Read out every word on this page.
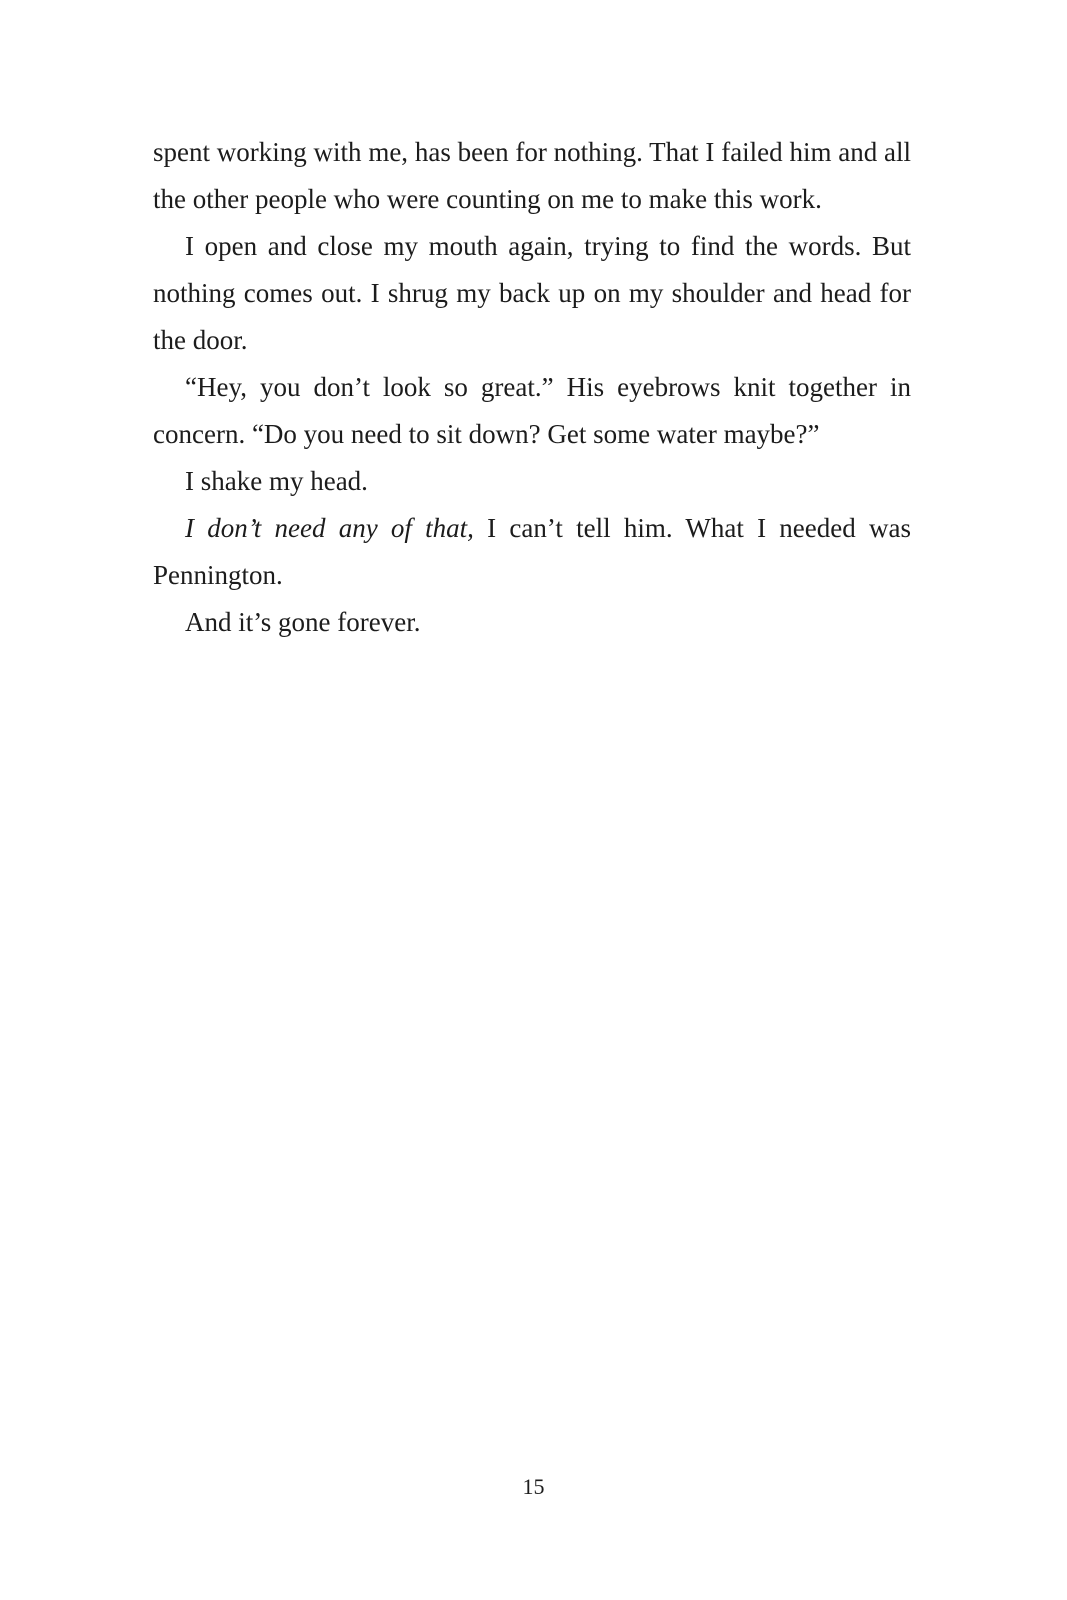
spent working with me, has been for nothing. That I failed him and all the other people who were counting on me to make this work.

I open and close my mouth again, trying to find the words. But nothing comes out. I shrug my back up on my shoulder and head for the door.

“Hey, you don’t look so great.” His eyebrows knit together in concern. “Do you need to sit down? Get some water maybe?”

I shake my head.

I don’t need any of that, I can’t tell him. What I needed was Pennington.

And it’s gone forever.

15
